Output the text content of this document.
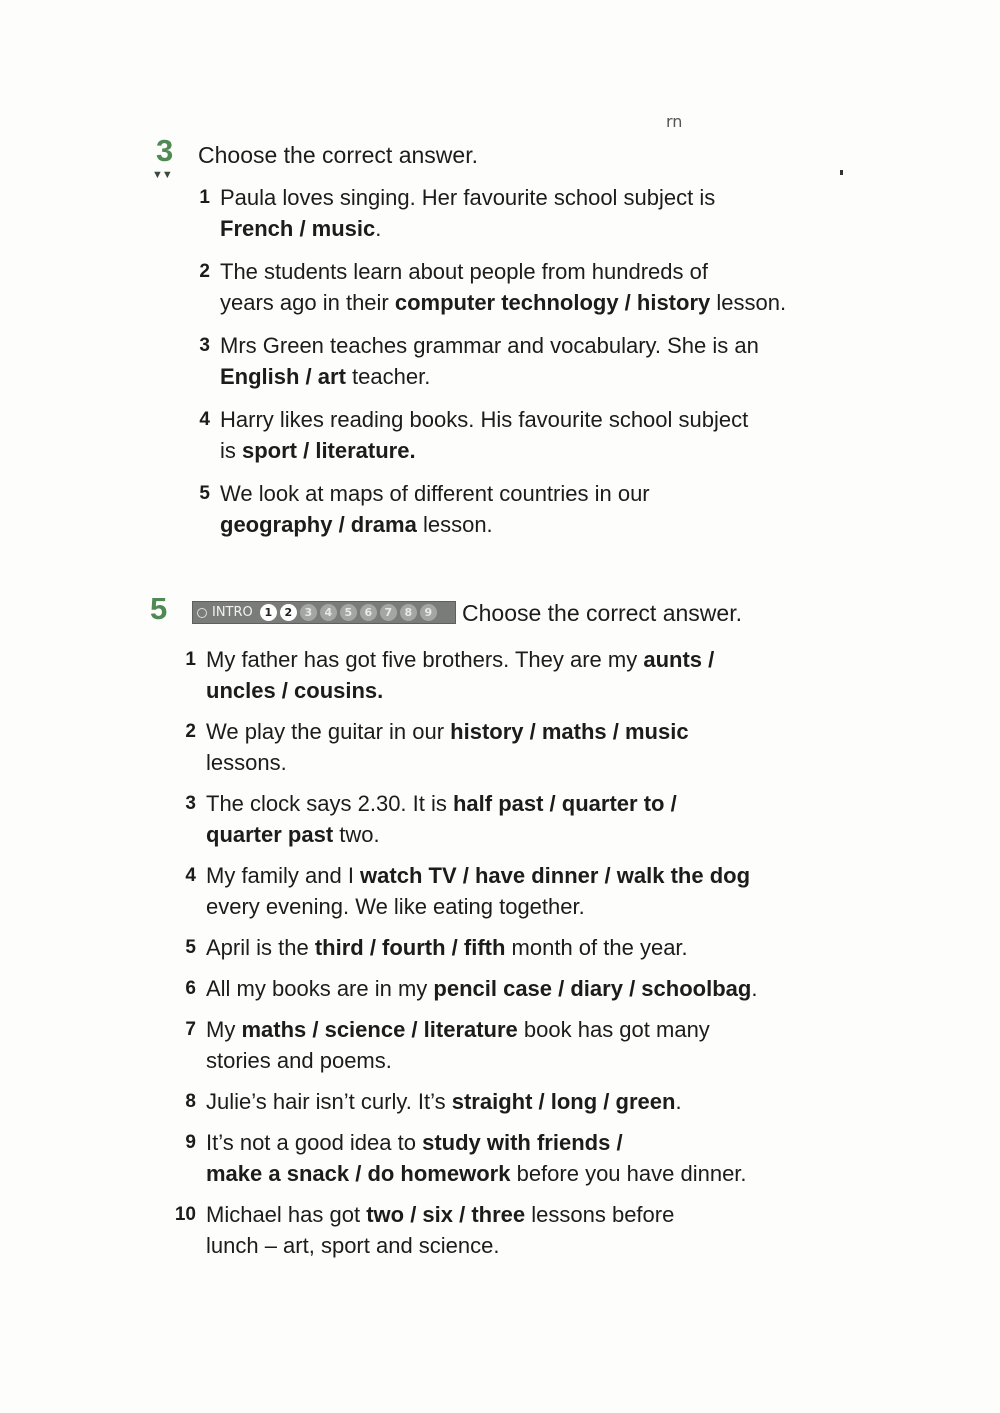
rn
3
▼▼
Choose the correct answer.
1 Paula loves singing. Her favourite school subject is
French / music.
2 The students learn about people from hundreds of
years ago in their computer technology / history lesson.
3 Mrs Green teaches grammar and vocabulary. She is an
English / art teacher.
4 Harry likes reading books. His favourite school subject
is sport / literature.
5 We look at maps of different countries in our
geography / drama lesson.
5	INTRO	1	2	3	4	5	6	7	8	9 Choose the correct answer.
1 My father has got five brothers. They are my aunts /
uncles / cousins.
2 We play the guitar in our history / maths / music
lessons.
3 The clock says 2.30. It is half past / quarter to /
quarter past two.
4 My family and I watch TV / have dinner / walk the dog
every evening. We like eating together.
5 April is the third / fourth / fifth month of the year.
6 All my books are in my pencil case / diary / schoolbag.
7 My maths / science / literature book has got many
stories and poems.
8 Julie’s hair isn’t curly. It’s straight / long / green.
9 It’s not a good idea to study with friends /
make a snack / do homework before you have dinner.
10 Michael has got two / six / three lessons before
lunch – art, sport and science.
